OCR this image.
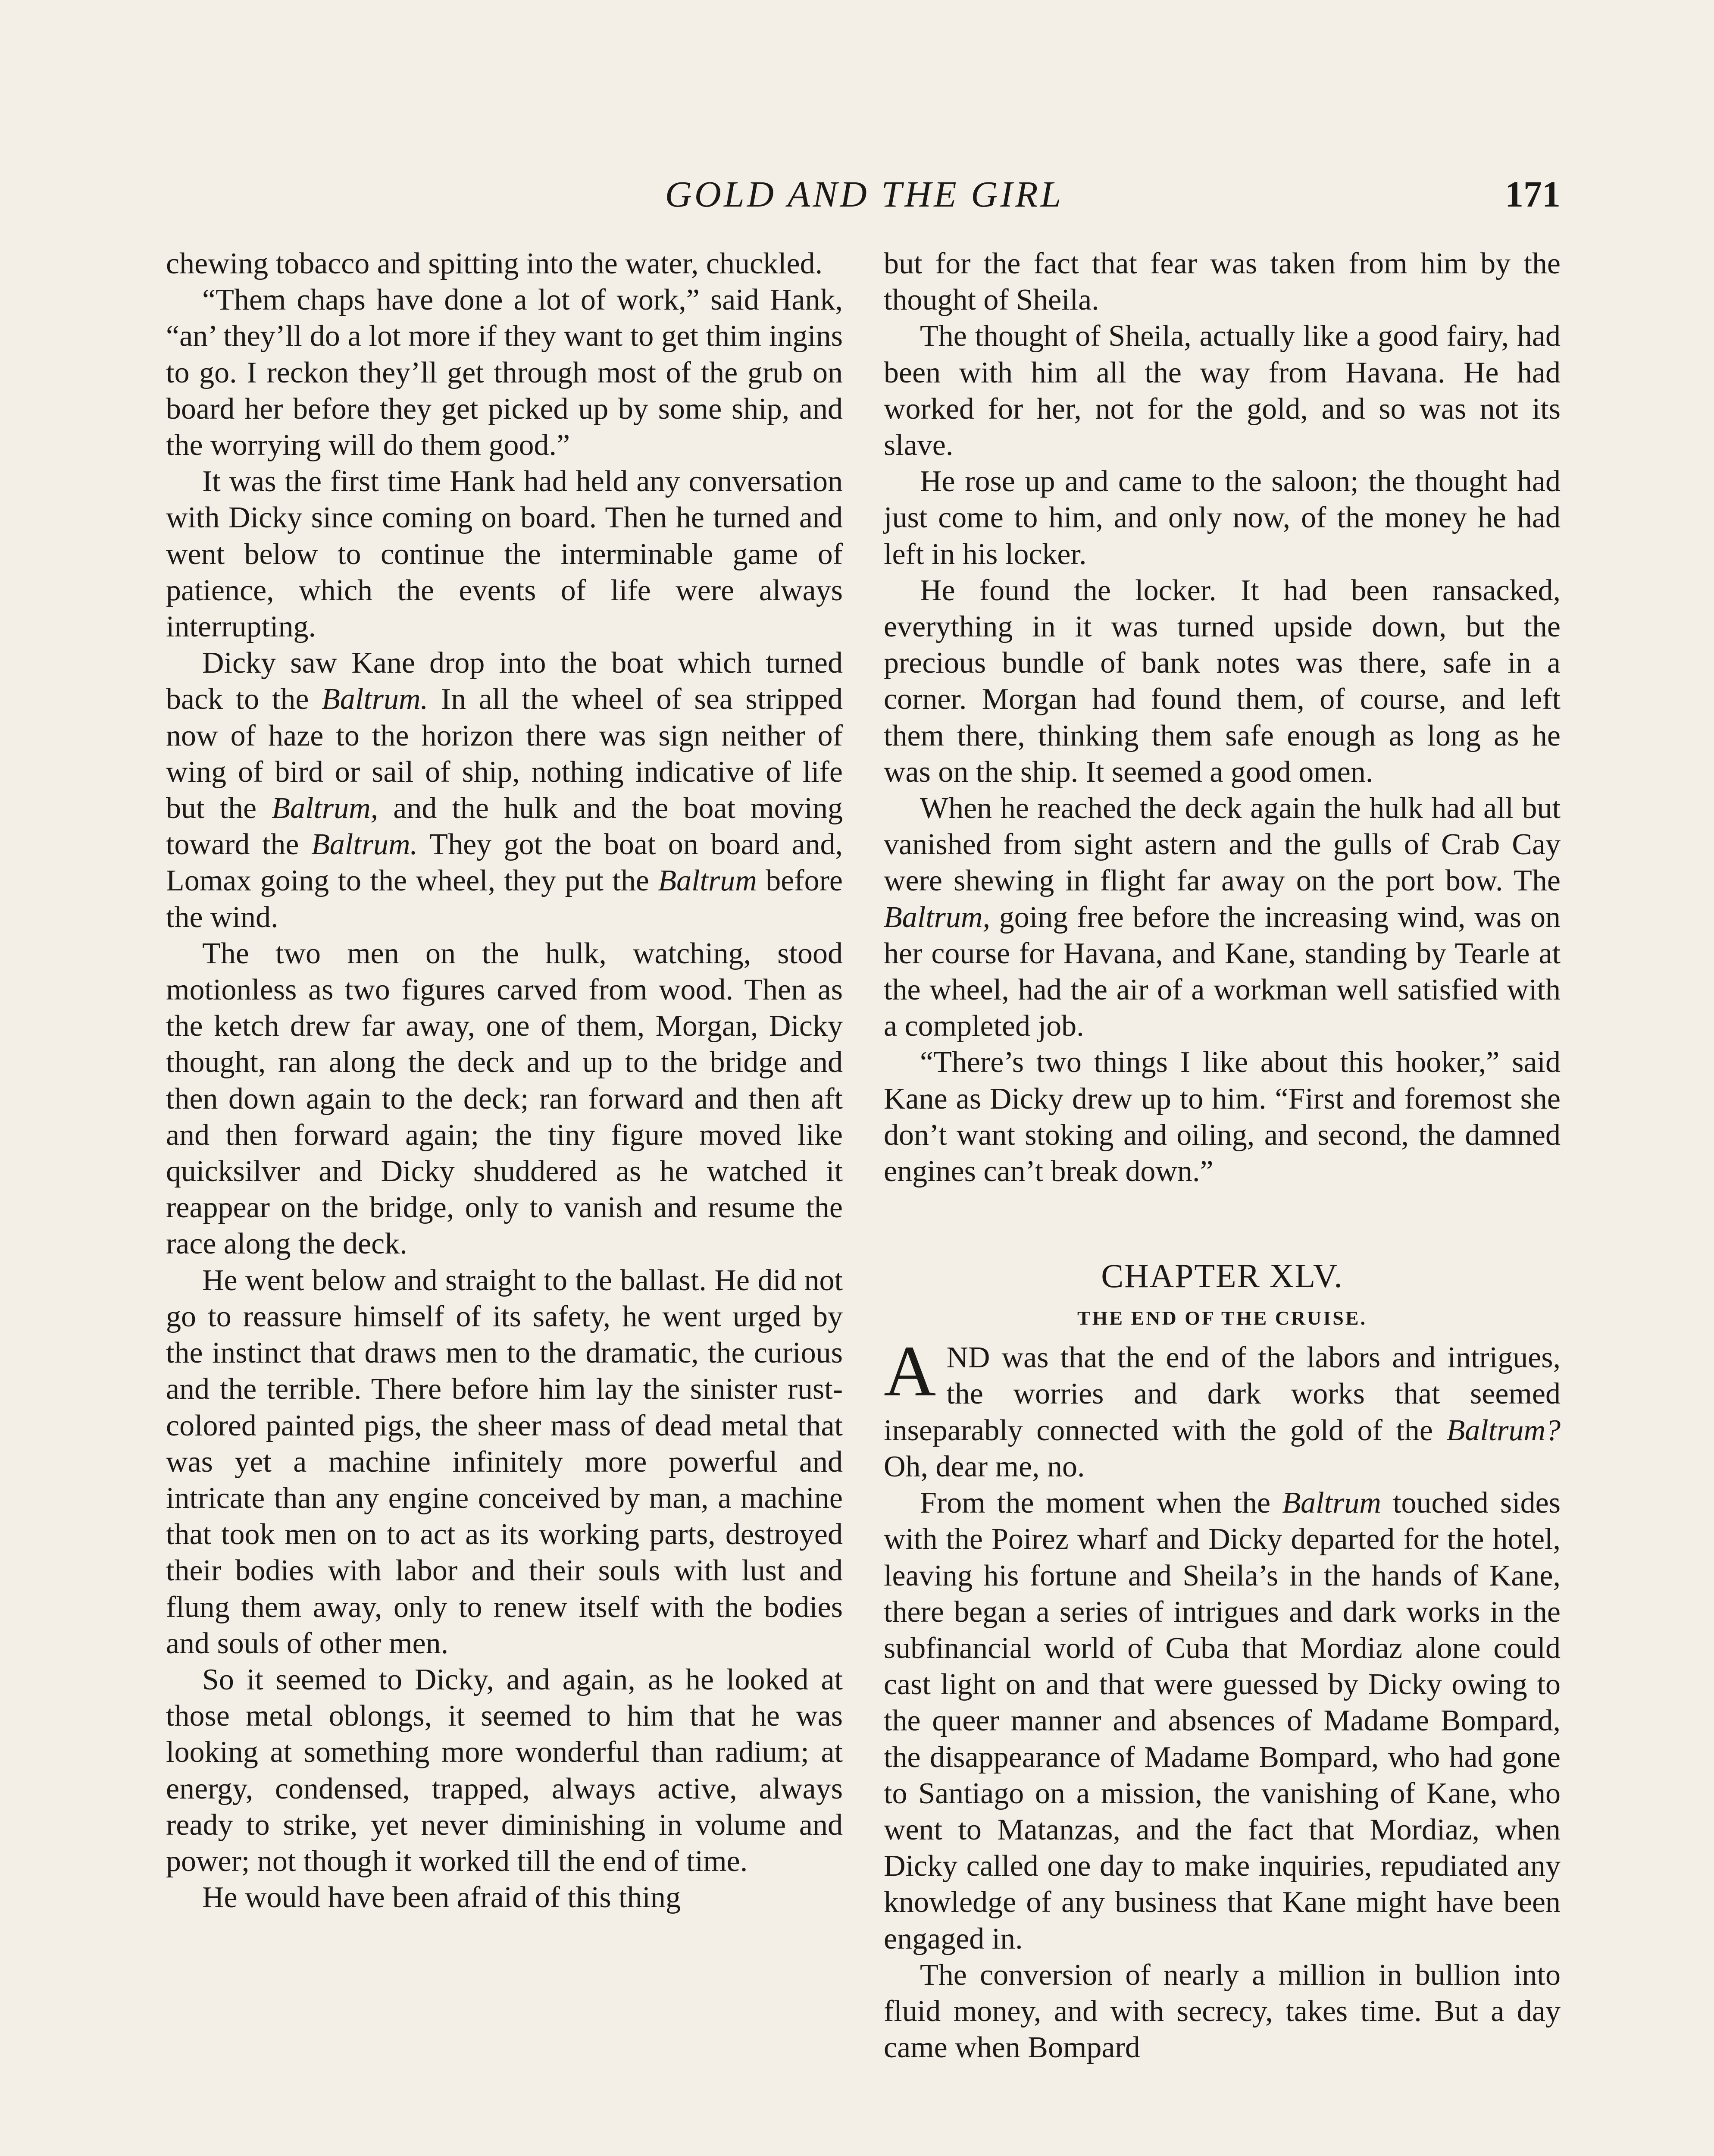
GOLD AND THE GIRL	171

chewing tobacco and spitting into the water, chuckled.

“Them chaps have done a lot of work,” said Hank, “an’ they’ll do a lot more if they want to get thim ingins to go. I reckon they’ll get through most of the grub on board her before they get picked up by some ship, and the worrying will do them good.”

It was the first time Hank had held any conversation with Dicky since coming on board. Then he turned and went below to continue the interminable game of patience, which the events of life were always interrupting.

Dicky saw Kane drop into the boat which turned back to the Baltrum. In all the wheel of sea stripped now of haze to the horizon there was sign neither of wing of bird or sail of ship, nothing indicative of life but the Baltrum, and the hulk and the boat moving toward the Baltrum. They got the boat on board and, Lomax going to the wheel, they put the Baltrum before the wind.

The two men on the hulk, watching, stood motionless as two figures carved from wood. Then as the ketch drew far away, one of them, Morgan, Dicky thought, ran along the deck and up to the bridge and then down again to the deck; ran forward and then aft and then forward again; the tiny figure moved like quicksilver and Dicky shuddered as he watched it reappear on the bridge, only to vanish and resume the race along the deck.

He went below and straight to the ballast. He did not go to reassure himself of its safety, he went urged by the instinct that draws men to the dramatic, the curious and the terrible. There before him lay the sinister rust-colored painted pigs, the sheer mass of dead metal that was yet a machine infinitely more powerful and intricate than any engine conceived by man, a machine that took men on to act as its working parts, destroyed their bodies with labor and their souls with lust and flung them away, only to renew itself with the bodies and souls of other men.

So it seemed to Dicky, and again, as he looked at those metal oblongs, it seemed to him that he was looking at something more wonderful than radium; at energy, condensed, trapped, always active, always ready to strike, yet never diminishing in volume and power; not though it worked till the end of time.

He would have been afraid of this thing

but for the fact that fear was taken from him by the thought of Sheila.

The thought of Sheila, actually like a good fairy, had been with him all the way from Havana. He had worked for her, not for the gold, and so was not its slave.

He rose up and came to the saloon; the thought had just come to him, and only now, of the money he had left in his locker.

He found the locker. It had been ransacked, everything in it was turned upside down, but the precious bundle of bank notes was there, safe in a corner. Morgan had found them, of course, and left them there, thinking them safe enough as long as he was on the ship. It seemed a good omen.

When he reached the deck again the hulk had all but vanished from sight astern and the gulls of Crab Cay were shewing in flight far away on the port bow. The Baltrum, going free before the increasing wind, was on her course for Havana, and Kane, standing by Tearle at the wheel, had the air of a workman well satisfied with a completed job.

“There’s two things I like about this hooker,” said Kane as Dicky drew up to him. “First and foremost she don’t want stoking and oiling, and second, the damned engines can’t break down.”

CHAPTER XLV.
THE END OF THE CRUISE.

AND was that the end of the labors and intrigues, the worries and dark works that seemed inseparably connected with the gold of the Baltrum? Oh, dear me, no.

From the moment when the Baltrum touched sides with the Poirez wharf and Dicky departed for the hotel, leaving his fortune and Sheila’s in the hands of Kane, there began a series of intrigues and dark works in the subfinancial world of Cuba that Mordiaz alone could cast light on and that were guessed by Dicky owing to the queer manner and absences of Madame Bompard, the disappearance of Madame Bompard, who had gone to Santiago on a mission, the vanishing of Kane, who went to Matanzas, and the fact that Mordiaz, when Dicky called one day to make inquiries, repudiated any knowledge of any business that Kane might have been engaged in.

The conversion of nearly a million in bullion into fluid money, and with secrecy, takes time. But a day came when Bompard
